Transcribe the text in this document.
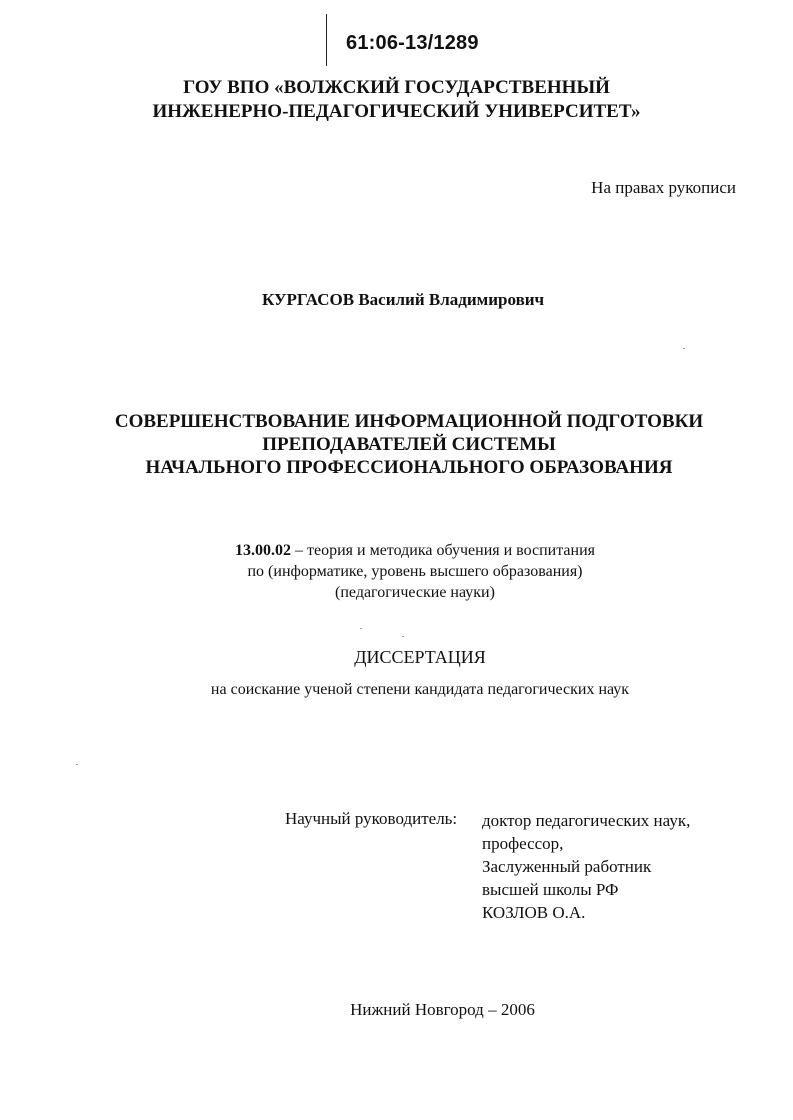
61:06-13/1289
ГОУ ВПО «ВОЛЖСКИЙ ГОСУДАРСТВЕННЫЙ
ИНЖЕНЕРНО-ПЕДАГОГИЧЕСКИЙ УНИВЕРСИТЕТ»
На правах рукописи
КУРГАСОВ Василий Владимирович
СОВЕРШЕНСТВОВАНИЕ ИНФОРМАЦИОННОЙ ПОДГОТОВКИ
ПРЕПОДАВАТЕЛЕЙ СИСТЕМЫ
НАЧАЛЬНОГО ПРОФЕССИОНАЛЬНОГО ОБРАЗОВАНИЯ
13.00.02 – теория и методика обучения и воспитания
по (информатике, уровень высшего образования)
(педагогические науки)
ДИССЕРТАЦИЯ
на соискание ученой степени кандидата педагогических наук
Научный руководитель: доктор педагогических наук,
профессор,
Заслуженный работник
высшей школы РФ
КОЗЛОВ О.А.
Нижний Новгород – 2006
